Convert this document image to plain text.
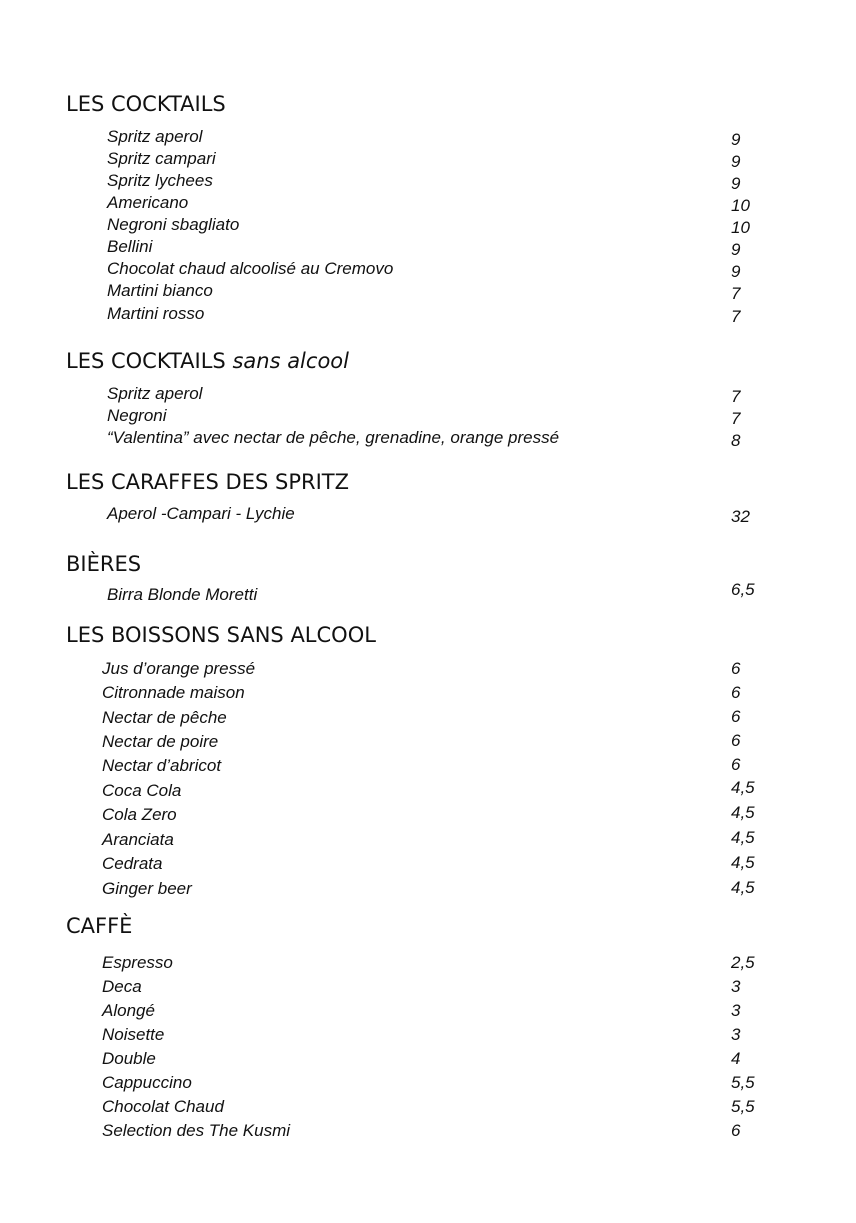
LES COCKTAILS
Spritz aperol	9
Spritz campari	9
Spritz lychees	9
Americano	10
Negroni sbagliato	10
Bellini	9
Chocolat chaud alcoolisé au Cremovo	9
Martini bianco	7
Martini rosso	7
LES COCKTAILS sans alcool
Spritz aperol	7
Negroni	7
“Valentina” avec nectar de pêche, grenadine, orange pressé	8
LES CARAFFES DES SPRITZ
Aperol -Campari - Lychie	32
BIÈRES
Birra Blonde Moretti	6,5
LES BOISSONS SANS ALCOOL
Jus d’orange pressé	6
Citronnade maison	6
Nectar de pêche	6
Nectar de poire	6
Nectar d’abricot	6
Coca Cola	4,5
Cola Zero	4,5
Aranciata	4,5
Cedrata	4,5
Ginger beer	4,5
CAFFÈ
Espresso	2,5
Deca	3
Alongé	3
Noisette	3
Double	4
Cappuccino	5,5
Chocolat Chaud	5,5
Selection des The Kusmi	6
